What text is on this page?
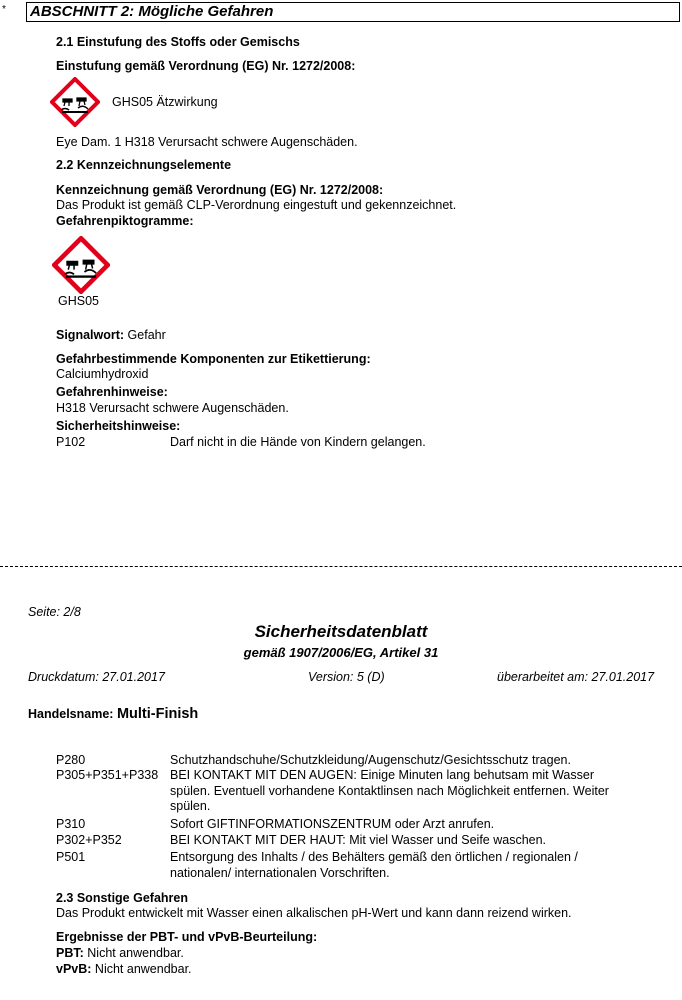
* ABSCHNITT 2: Mögliche Gefahren
2.1 Einstufung des Stoffs oder Gemischs
Einstufung gemäß Verordnung (EG) Nr. 1272/2008:
GHS05 Ätzwirkung
Eye Dam. 1 H318 Verursacht schwere Augenschäden.
2.2 Kennzeichnungselemente
Kennzeichnung gemäß Verordnung (EG) Nr. 1272/2008:
Das Produkt ist gemäß CLP-Verordnung eingestuft und gekennzeichnet.
Gefahrenpiktogramme:
GHS05
Signalwort: Gefahr
Gefahrbestimmende Komponenten zur Etikettierung:
Calciumhydroxid
Gefahrenhinweise:
H318 Verursacht schwere Augenschäden.
Sicherheitshinweise:
P102	Darf nicht in die Hände von Kindern gelangen.
Seite: 2/8
Sicherheitsdatenblatt
gemäß 1907/2006/EG, Artikel 31
Druckdatum: 27.01.2017	Version: 5 (D)	überarbeitet am: 27.01.2017
Handelsname: Multi-Finish
P280	Schutzhandschuhe/Schutzkleidung/Augenschutz/Gesichtsschutz tragen.
P305+P351+P338 BEI KONTAKT MIT DEN AUGEN: Einige Minuten lang behutsam mit Wasser
spülen. Eventuell vorhandene Kontaktlinsen nach Möglichkeit entfernen. Weiter
spülen.
P310	Sofort GIFTINFORMATIONSZENTRUM oder Arzt anrufen.
P302+P352	BEI KONTAKT MIT DER HAUT: Mit viel Wasser und Seife waschen.
P501	Entsorgung des Inhalts / des Behälters gemäß den örtlichen / regionalen /
nationalen/ internationalen Vorschriften.
2.3 Sonstige Gefahren
Das Produkt entwickelt mit Wasser einen alkalischen pH-Wert und kann dann reizend wirken.
Ergebnisse der PBT- und vPvB-Beurteilung:
PBT: Nicht anwendbar.
vPvB: Nicht anwendbar.
